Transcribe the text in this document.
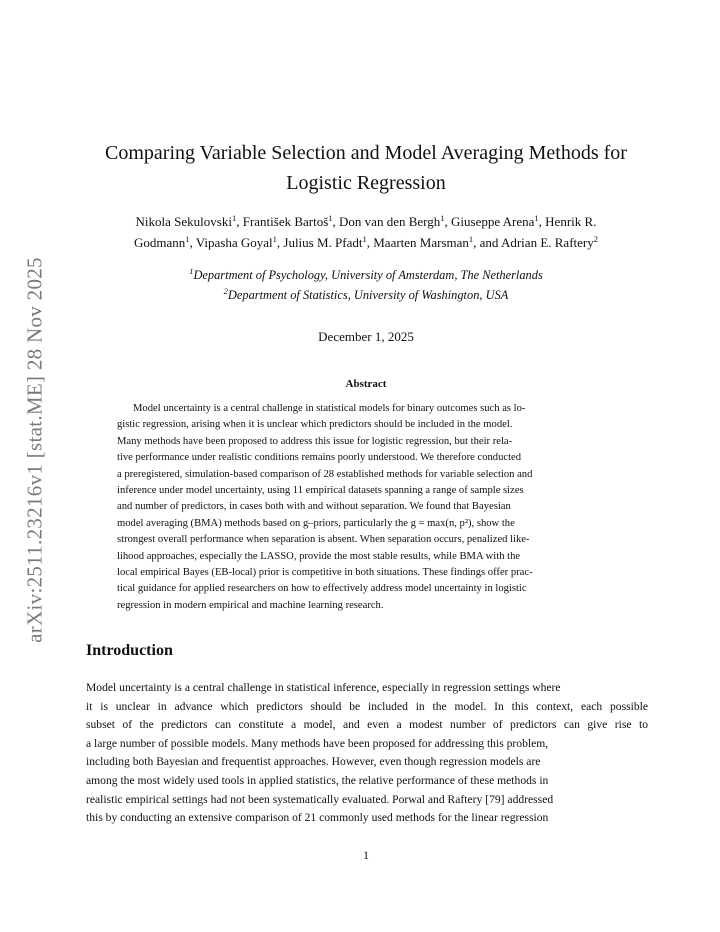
arXiv:2511.23216v1 [stat.ME] 28 Nov 2025
Comparing Variable Selection and Model Averaging Methods for
Logistic Regression
Nikola Sekulovski$^1$, František Bartoš$^1$, Don van den Bergh$^1$, Giuseppe Arena$^1$, Henrik R.
Godmann$^1$, Vipasha Goyal$^1$, Julius M. Pfadt$^1$, Maarten Marsman$^1$, and Adrian E. Raftery$^2$
$^1$Department of Psychology, University of Amsterdam, The Netherlands
$^2$Department of Statistics, University of Washington, USA
December 1, 2025
Abstract
Model uncertainty is a central challenge in statistical models for binary outcomes such as lo-
gistic regression, arising when it is unclear which predictors should be included in the model.
Many methods have been proposed to address this issue for logistic regression, but their rela-
tive performance under realistic conditions remains poorly understood. We therefore conducted
a preregistered, simulation-based comparison of 28 established methods for variable selection and
inference under model uncertainty, using 11 empirical datasets spanning a range of sample sizes
and number of predictors, in cases both with and without separation. We found that Bayesian
model averaging (BMA) methods based on g–priors, particularly the g = max(n, p²), show the
strongest overall performance when separation is absent. When separation occurs, penalized like-
lihood approaches, especially the LASSO, provide the most stable results, while BMA with the
local empirical Bayes (EB-local) prior is competitive in both situations. These findings offer prac-
tical guidance for applied researchers on how to effectively address model uncertainty in logistic
regression in modern empirical and machine learning research.
Introduction
Model uncertainty is a central challenge in statistical inference, especially in regression settings where
it is unclear in advance which predictors should be included in the model. In this context, each possible
subset of the predictors can constitute a model, and even a modest number of predictors can give rise to
a large number of possible models. Many methods have been proposed for addressing this problem,
including both Bayesian and frequentist approaches. However, even though regression models are
among the most widely used tools in applied statistics, the relative performance of these methods in
realistic empirical settings had not been systematically evaluated. Porwal and Raftery [79] addressed
this by conducting an extensive comparison of 21 commonly used methods for the linear regression
1
